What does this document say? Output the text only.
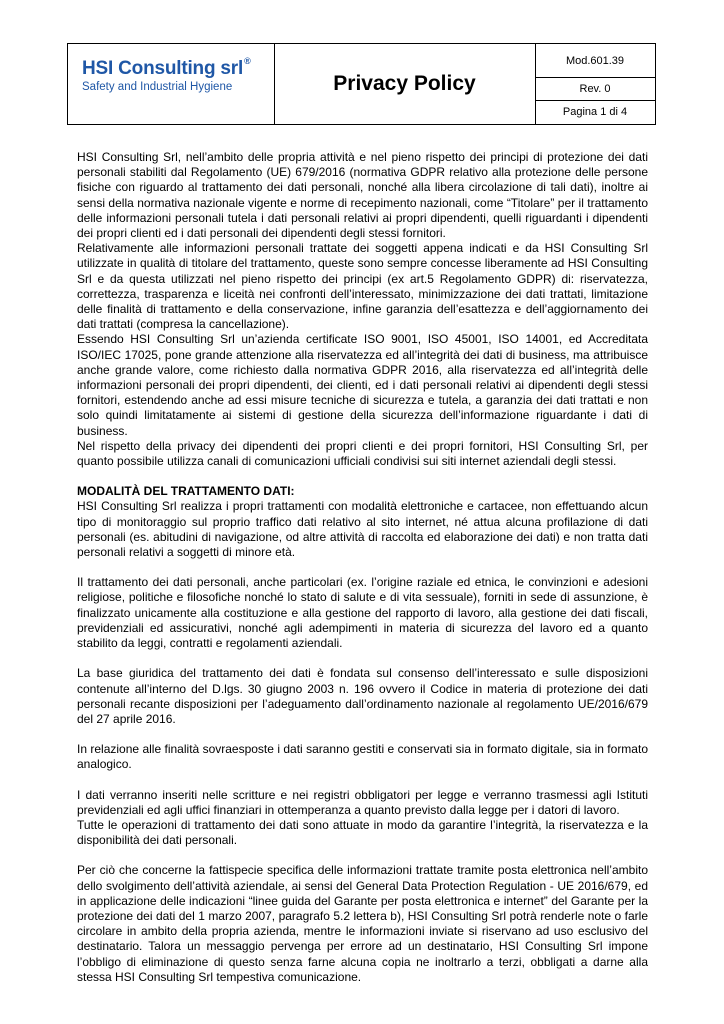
HSI Consulting srl®
Safety and Industrial Hygiene	Privacy Policy
Mod.601.39
Rev. 0
Pagina 1 di 4

HSI Consulting Srl, nell’ambito delle propria attività e nel pieno rispetto dei principi di protezione dei dati personali stabiliti dal Regolamento (UE) 679/2016 (normativa GDPR relativo alla protezione delle persone fisiche con riguardo al trattamento dei dati personali, nonché alla libera circolazione di tali dati), inoltre ai sensi della normativa nazionale vigente e norme di recepimento nazionali, come “Titolare” per il trattamento delle informazioni personali tutela i dati personali relativi ai propri dipendenti, quelli riguardanti i dipendenti dei propri clienti ed i dati personali dei dipendenti degli stessi fornitori.

Relativamente alle informazioni personali trattate dei soggetti appena indicati e da HSI Consulting Srl utilizzate in qualità di titolare del trattamento, queste sono sempre concesse liberamente ad HSI Consulting Srl e da questa utilizzati nel pieno rispetto dei principi (ex art.5 Regolamento GDPR) di: riservatezza, correttezza, trasparenza e liceità nei confronti dell’interessato, minimizzazione dei dati trattati, limitazione delle finalità di trattamento e della conservazione, infine garanzia dell’esattezza e dell’aggiornamento dei dati trattati (compresa la cancellazione).

Essendo HSI Consulting Srl un’azienda certificate ISO 9001, ISO 45001, ISO 14001, ed Accreditata ISO/IEC 17025, pone grande attenzione alla riservatezza ed all’integrità dei dati di business, ma attribuisce anche grande valore, come richiesto dalla normativa GDPR 2016, alla riservatezza ed all’integrità delle informazioni personali dei propri dipendenti, dei clienti, ed i dati personali relativi ai dipendenti degli stessi fornitori, estendendo anche ad essi misure tecniche di sicurezza e tutela, a garanzia dei dati trattati e non solo quindi limitatamente ai sistemi di gestione della sicurezza dell’informazione riguardante i dati di business.

Nel rispetto della privacy dei dipendenti dei propri clienti e dei propri fornitori, HSI Consulting Srl, per quanto possibile utilizza canali di comunicazioni ufficiali condivisi sui siti internet aziendali degli stessi.

MODALITÀ DEL TRATTAMENTO DATI:

HSI Consulting Srl realizza i propri trattamenti con modalità elettroniche e cartacee, non effettuando alcun tipo di monitoraggio sul proprio traffico dati relativo al sito internet, né attua alcuna profilazione di dati personali (es. abitudini di navigazione, od altre attività di raccolta ed elaborazione dei dati) e non tratta dati personali relativi a soggetti di minore età.

Il trattamento dei dati personali, anche particolari (ex. l’origine raziale ed etnica, le convinzioni e adesioni religiose, politiche e filosofiche nonché lo stato di salute e di vita sessuale), forniti in sede di assunzione, è finalizzato unicamente alla costituzione e alla gestione del rapporto di lavoro, alla gestione dei dati fiscali, previdenziali ed assicurativi, nonché agli adempimenti in materia di sicurezza del lavoro ed a quanto stabilito da leggi, contratti e regolamenti aziendali.

La base giuridica del trattamento dei dati è fondata sul consenso dell’interessato e sulle disposizioni contenute all’interno del D.lgs. 30 giugno 2003 n. 196 ovvero il Codice in materia di protezione dei dati personali recante disposizioni per l’adeguamento dall’ordinamento nazionale al regolamento UE/2016/679 del 27 aprile 2016.

In relazione alle finalità sovraesposte i dati saranno gestiti e conservati sia in formato digitale, sia in formato analogico.

I dati verranno inseriti nelle scritture e nei registri obbligatori per legge e verranno trasmessi agli Istituti previdenziali ed agli uffici finanziari in ottemperanza a quanto previsto dalla legge per i datori di lavoro.

Tutte le operazioni di trattamento dei dati sono attuate in modo da garantire l’integrità, la riservatezza e la disponibilità dei dati personali.

Per ciò che concerne la fattispecie specifica delle informazioni trattate tramite posta elettronica nell’ambito dello svolgimento dell’attività aziendale, ai sensi del General Data Protection Regulation - UE 2016/679, ed in applicazione delle indicazioni “linee guida del Garante per posta elettronica e internet” del Garante per la protezione dei dati del 1 marzo 2007, paragrafo 5.2 lettera b), HSI Consulting Srl potrà renderle note o farle circolare in ambito della propria azienda, mentre le informazioni inviate si riservano ad uso esclusivo del destinatario. Talora un messaggio pervenga per errore ad un destinatario, HSI Consulting Srl impone l’obbligo di eliminazione di questo senza farne alcuna copia ne inoltrarlo a terzi, obbligati a darne alla stessa HSI Consulting Srl tempestiva comunicazione.
